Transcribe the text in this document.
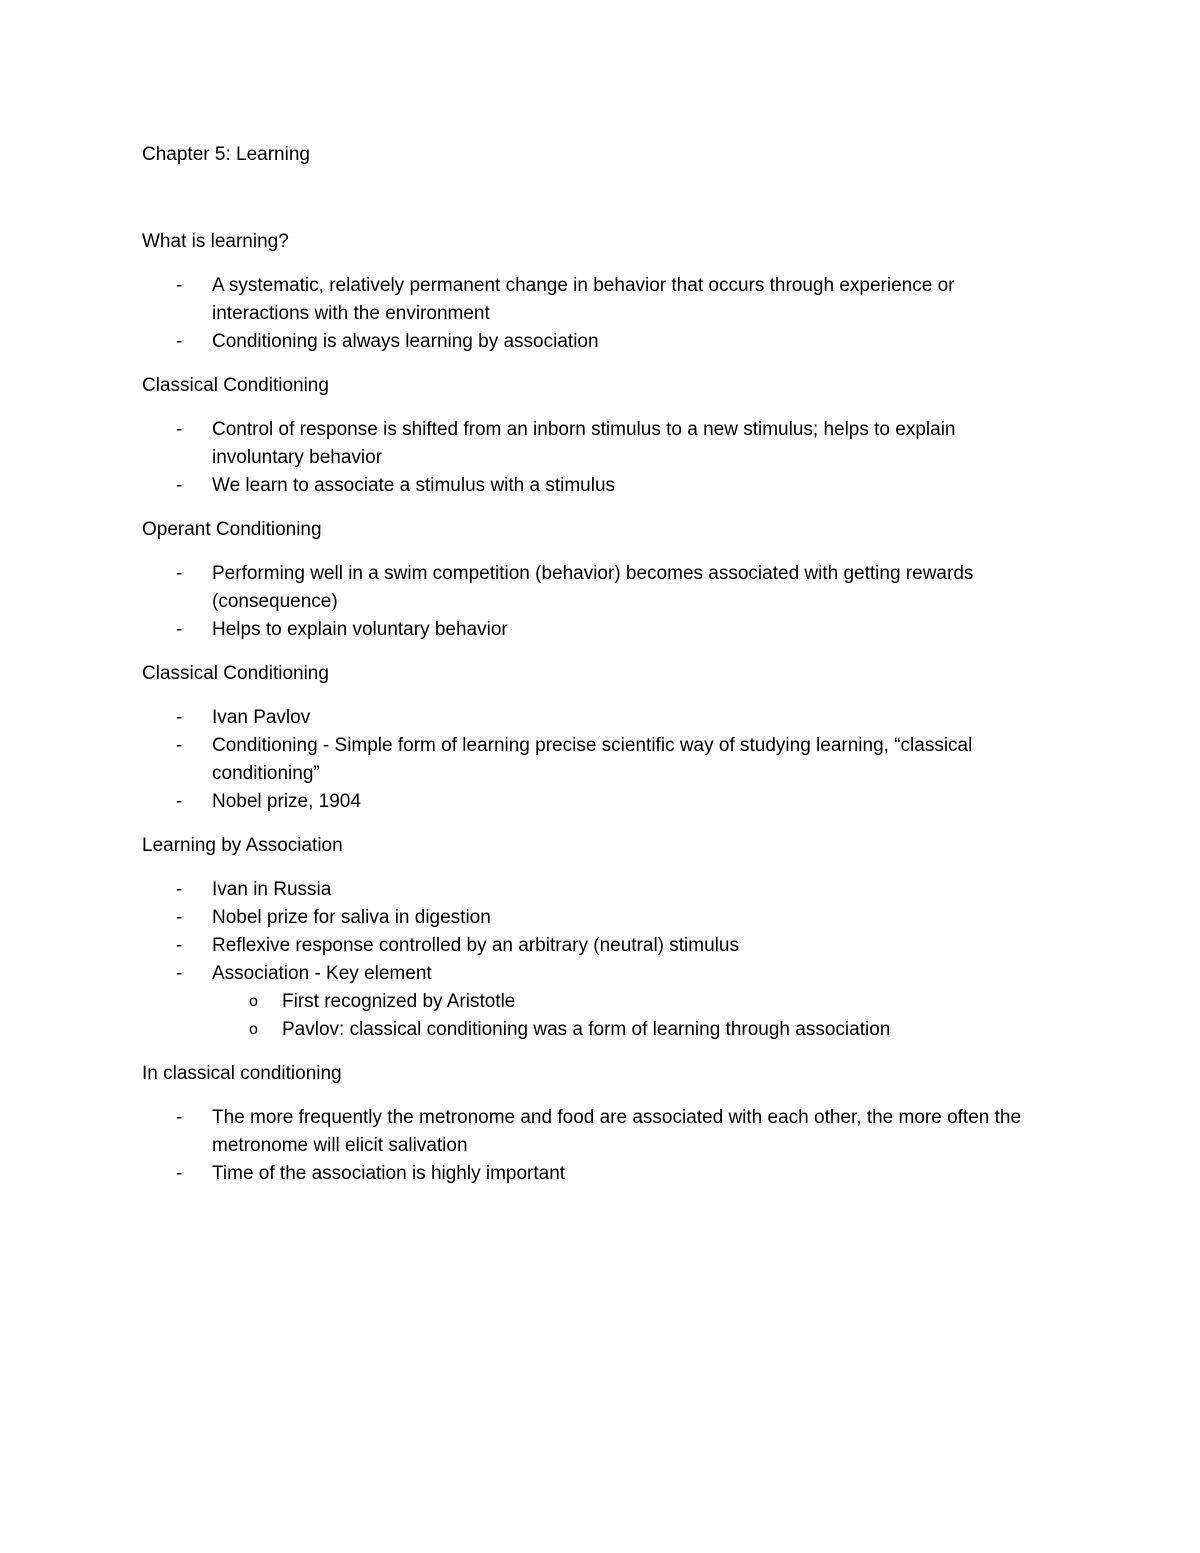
Chapter 5: Learning
What is learning?
- A systematic, relatively permanent change in behavior that occurs through experience or interactions with the environment
- Conditioning is always learning by association
Classical Conditioning
- Control of response is shifted from an inborn stimulus to a new stimulus; helps to explain involuntary behavior
- We learn to associate a stimulus with a stimulus
Operant Conditioning
- Performing well in a swim competition (behavior) becomes associated with getting rewards (consequence)
- Helps to explain voluntary behavior
Classical Conditioning
- Ivan Pavlov
- Conditioning - Simple form of learning precise scientific way of studying learning, “classical conditioning”
- Nobel prize, 1904
Learning by Association
- Ivan in Russia
- Nobel prize for saliva in digestion
- Reflexive response controlled by an arbitrary (neutral) stimulus
- Association - Key element
o First recognized by Aristotle
o Pavlov: classical conditioning was a form of learning through association
In classical conditioning
- The more frequently the metronome and food are associated with each other, the more often the metronome will elicit salivation
- Time of the association is highly important
